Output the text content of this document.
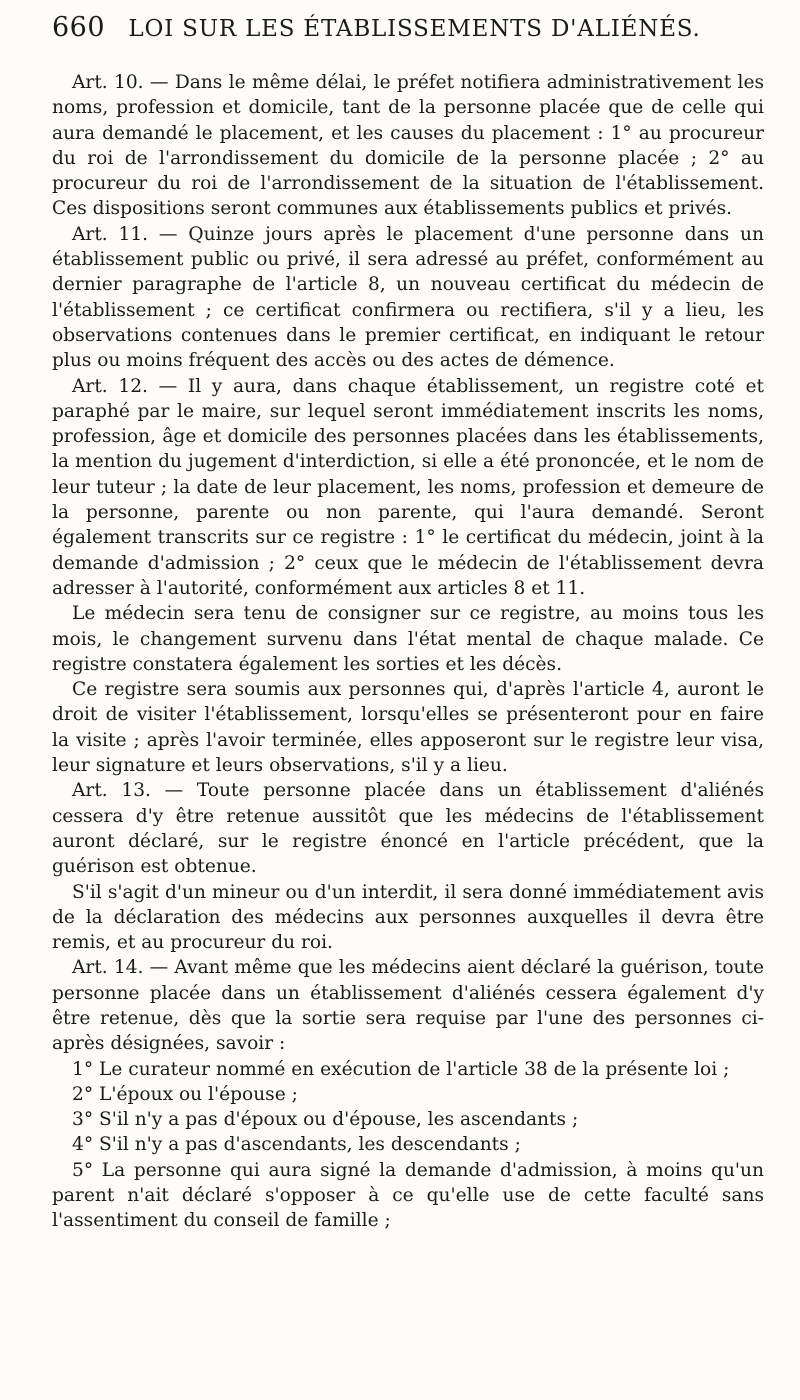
660	LOI SUR LES ÉTABLISSEMENTS D'ALIÉNÉS.

Art. 10. — Dans le même délai, le préfet notifiera administrativement les noms, profession et domicile, tant de la personne placée que de celle qui aura demandé le placement, et les causes du placement : 1° au procureur du roi de l'arrondissement du domicile de la personne placée ; 2° au procureur du roi de l'arrondissement de la situation de l'établissement. Ces dispositions seront communes aux établissements publics et privés.

Art. 11. — Quinze jours après le placement d'une personne dans un établissement public ou privé, il sera adressé au préfet, conformément au dernier paragraphe de l'article 8, un nouveau certificat du médecin de l'établissement ; ce certificat confirmera ou rectifiera, s'il y a lieu, les observations contenues dans le premier certificat, en indiquant le retour plus ou moins fréquent des accès ou des actes de démence.

Art. 12. — Il y aura, dans chaque établissement, un registre coté et paraphé par le maire, sur lequel seront immédiatement inscrits les noms, profession, âge et domicile des personnes placées dans les établissements, la mention du jugement d'interdiction, si elle a été prononcée, et le nom de leur tuteur ; la date de leur placement, les noms, profession et demeure de la personne, parente ou non parente, qui l'aura demandé. Seront également transcrits sur ce registre : 1° le certificat du médecin, joint à la demande d'admission ; 2° ceux que le médecin de l'établissement devra adresser à l'autorité, conformément aux articles 8 et 11.

Le médecin sera tenu de consigner sur ce registre, au moins tous les mois, le changement survenu dans l'état mental de chaque malade. Ce registre constatera également les sorties et les décès.

Ce registre sera soumis aux personnes qui, d'après l'article 4, auront le droit de visiter l'établissement, lorsqu'elles se présenteront pour en faire la visite ; après l'avoir terminée, elles apposeront sur le registre leur visa, leur signature et leurs observations, s'il y a lieu.

Art. 13. — Toute personne placée dans un établissement d'aliénés cessera d'y être retenue aussitôt que les médecins de l'établissement auront déclaré, sur le registre énoncé en l'article précédent, que la guérison est obtenue.

S'il s'agit d'un mineur ou d'un interdit, il sera donné immédiatement avis de la déclaration des médecins aux personnes auxquelles il devra être remis, et au procureur du roi.

Art. 14. — Avant même que les médecins aient déclaré la guérison, toute personne placée dans un établissement d'aliénés cessera également d'y être retenue, dès que la sortie sera requise par l'une des personnes ci-après désignées, savoir :

1° Le curateur nommé en exécution de l'article 38 de la présente loi ;

2° L'époux ou l'épouse ;

3° S'il n'y a pas d'époux ou d'épouse, les ascendants ;

4° S'il n'y a pas d'ascendants, les descendants ;

5° La personne qui aura signé la demande d'admission, à moins qu'un parent n'ait déclaré s'opposer à ce qu'elle use de cette faculté sans l'assentiment du conseil de famille ;
